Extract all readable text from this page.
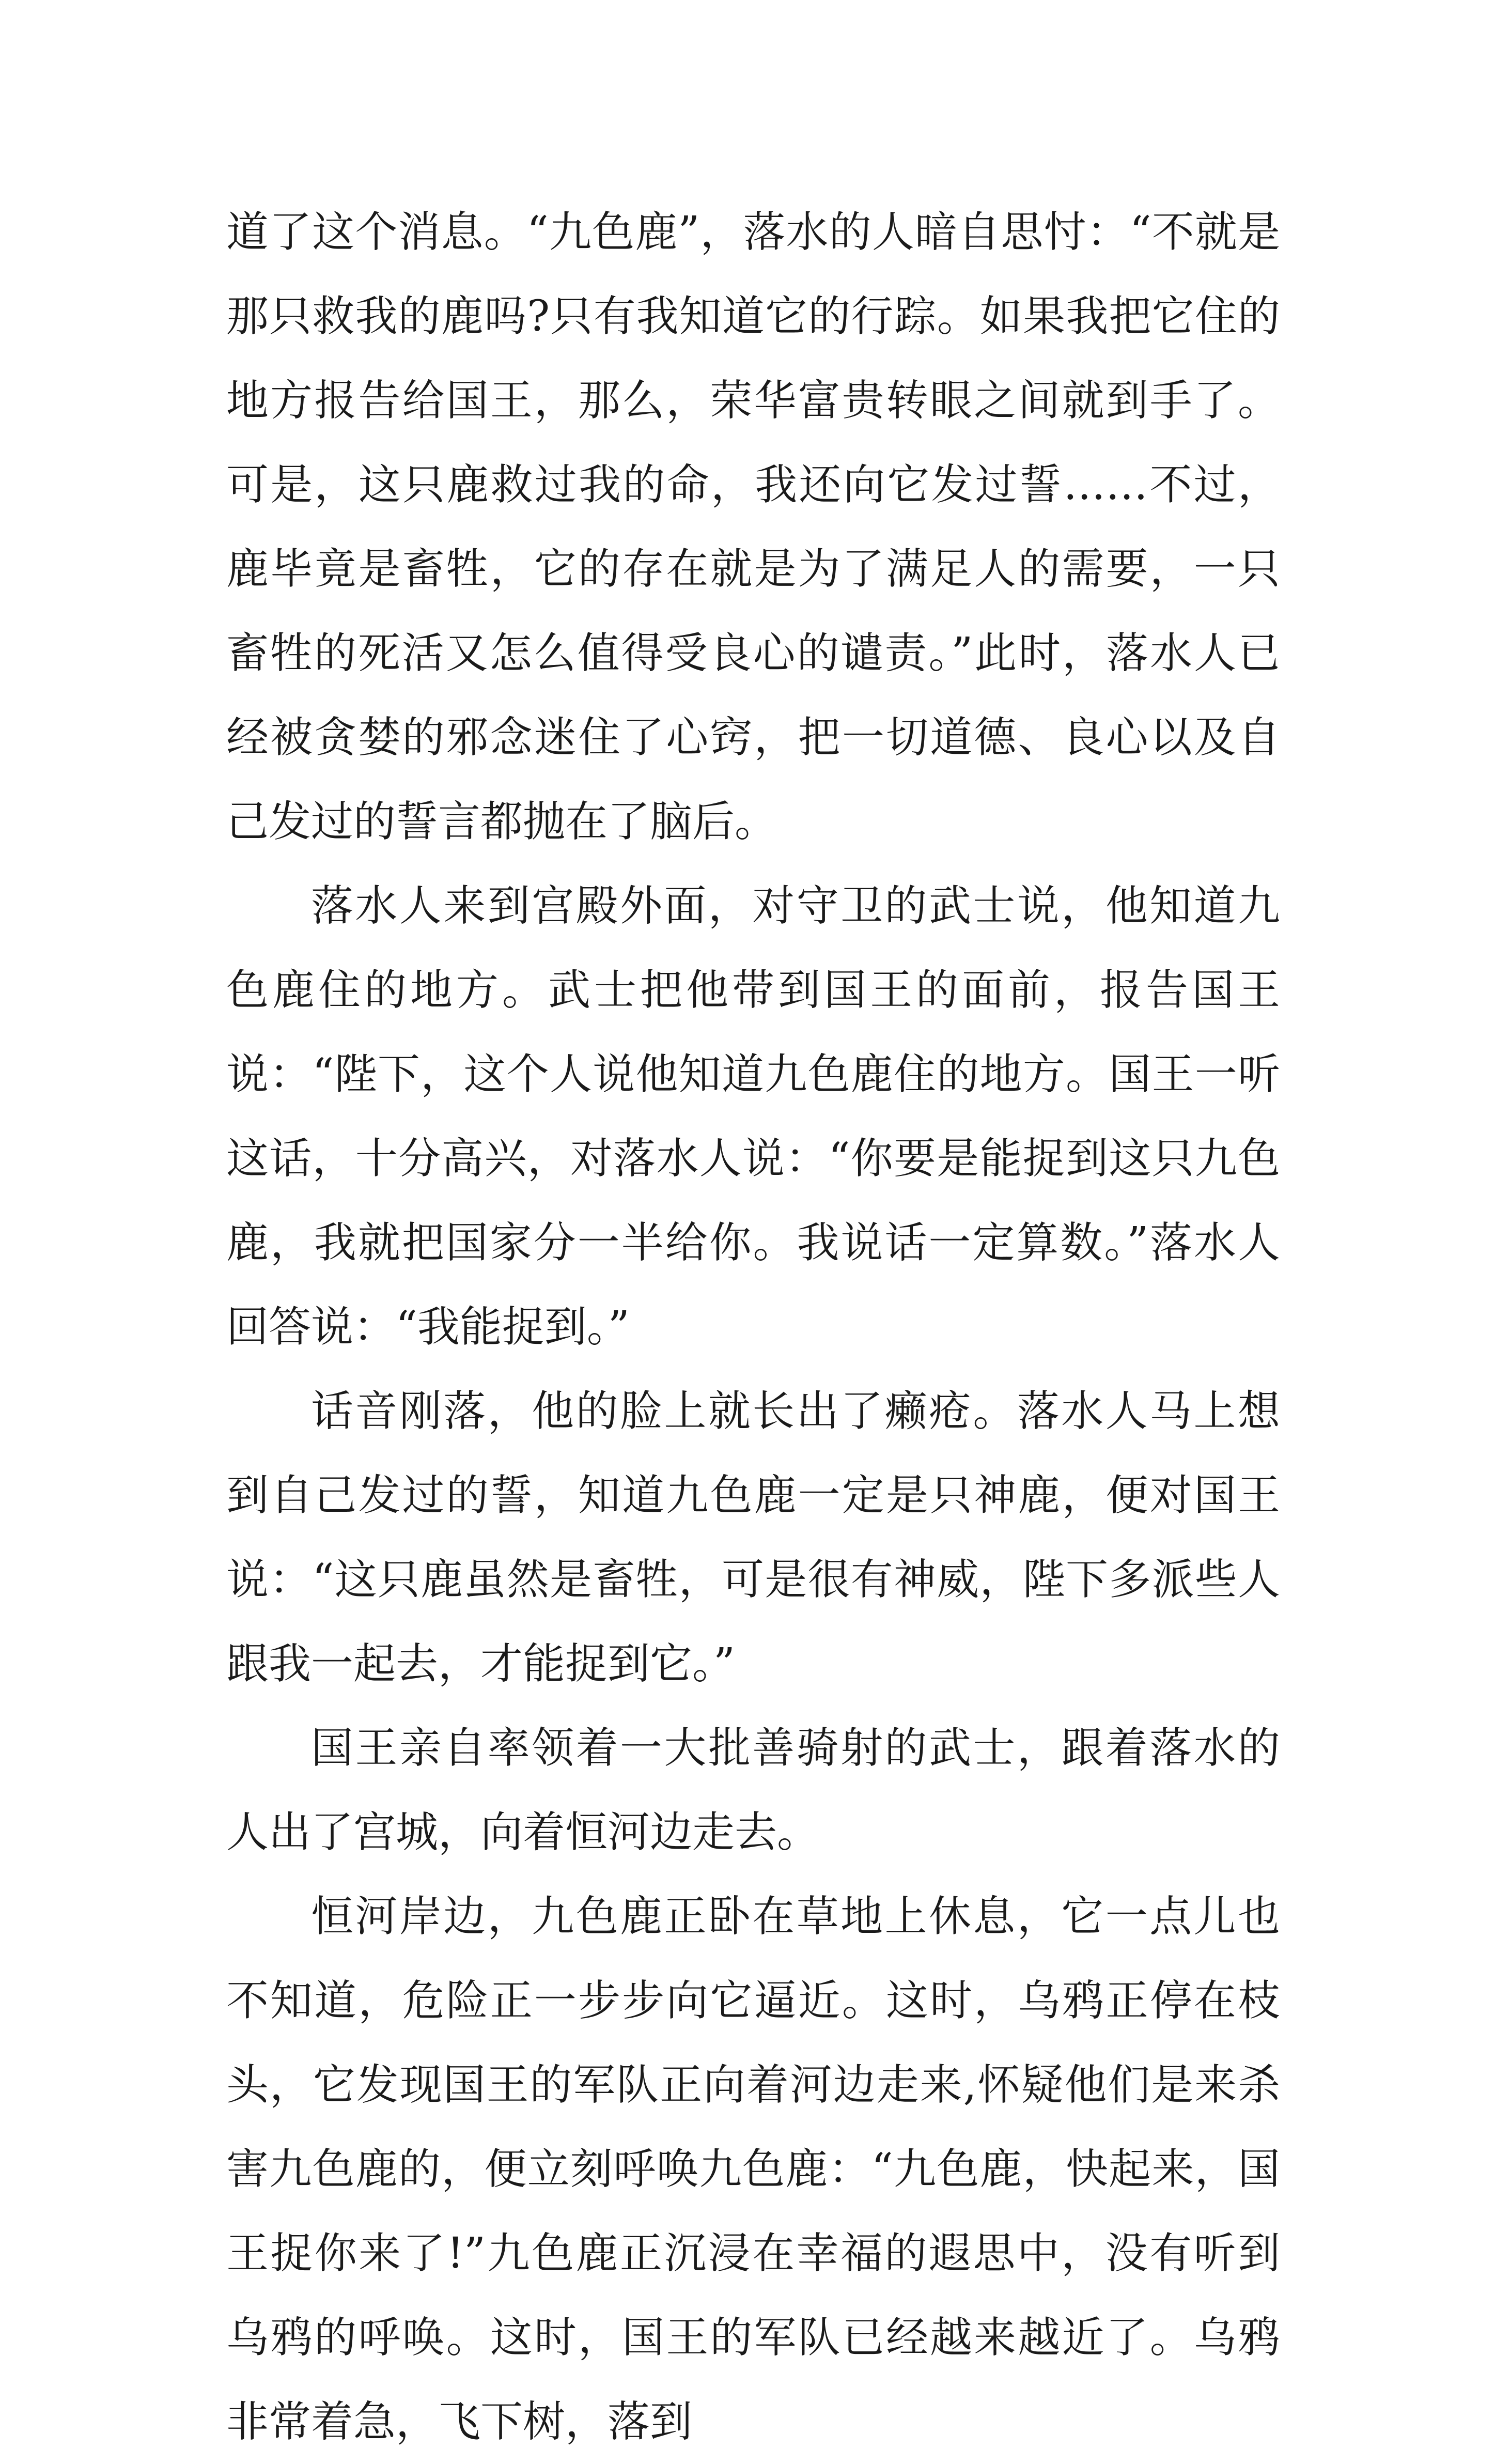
道了这个消息。“九色鹿”，落水的人暗自思忖：“不就是那只救我的鹿吗?只有我知道它的行踪。如果我把它住的地方报告给国王，那么，荣华富贵转眼之间就到手了。可是，这只鹿救过我的命，我还向它发过誓……不过，鹿毕竟是畜牲，它的存在就是为了满足人的需要，一只畜牲的死活又怎么值得受良心的谴责。”此时，落水人已经被贪婪的邪念迷住了心窍，把一切道德、良心以及自己发过的誓言都抛在了脑后。

落水人来到宫殿外面，对守卫的武士说，他知道九色鹿住的地方。武士把他带到国王的面前，报告国王说：“陛下，这个人说他知道九色鹿住的地方。国王一听这话，十分高兴，对落水人说：“你要是能捉到这只九色鹿，我就把国家分一半给你。我说话一定算数。”落水人回答说：“我能捉到。”

话音刚落，他的脸上就长出了癞疮。落水人马上想到自己发过的誓，知道九色鹿一定是只神鹿，便对国王说：“这只鹿虽然是畜牲，可是很有神威，陛下多派些人跟我一起去，才能捉到它。”

国王亲自率领着一大批善骑射的武士，跟着落水的人出了宫城，向着恒河边走去。

恒河岸边，九色鹿正卧在草地上休息，它一点儿也不知道，危险正一步步向它逼近。这时，乌鸦正停在枝头，它发现国王的军队正向着河边走来,怀疑他们是来杀害九色鹿的，便立刻呼唤九色鹿：“九色鹿，快起来，国王捉你来了!”九色鹿正沉浸在幸福的遐思中，没有听到乌鸦的呼唤。这时，国王的军队已经越来越近了。乌鸦非常着急，飞下树，落到
